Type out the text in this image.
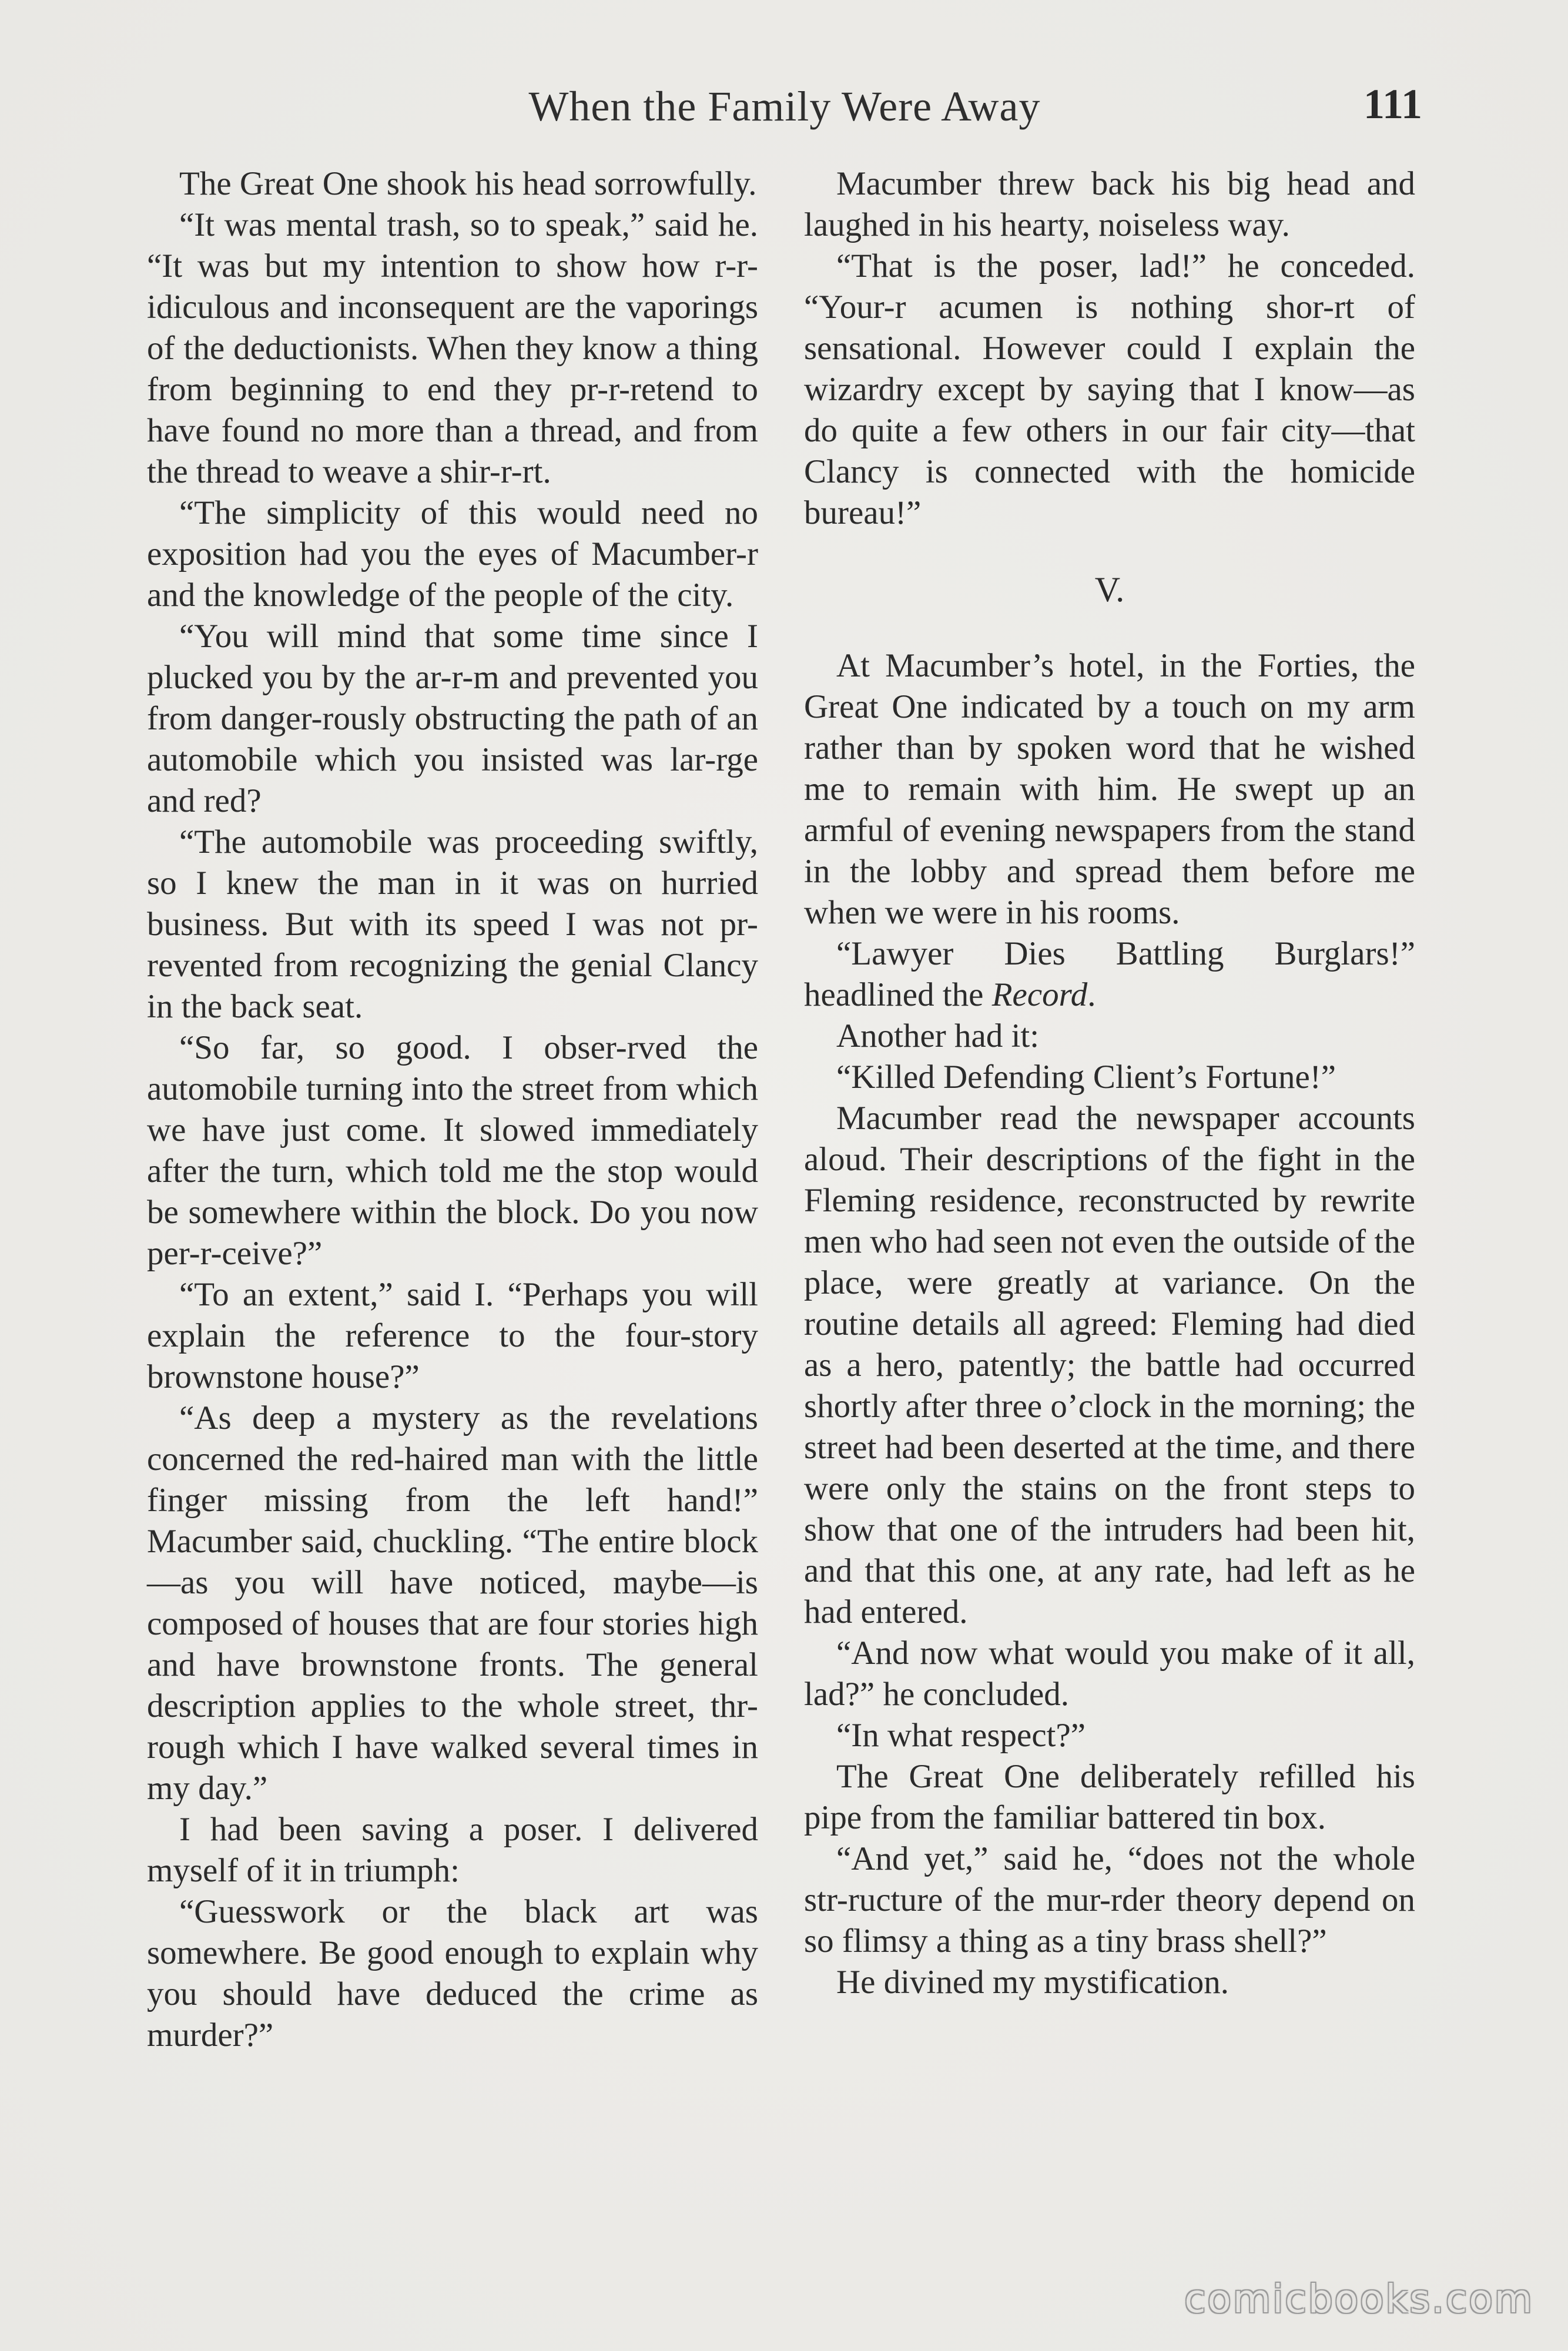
When the Family Were Away	111

The Great One shook his head sorrowfully.

“It was mental trash, so to speak,” said he. “It was but my intention to show how r-r-idiculous and inconsequent are the vaporings of the deductionists. When they know a thing from beginning to end they pr-r-retend to have found no more than a thread, and from the thread to weave a shir-r-rt.

“The simplicity of this would need no exposition had you the eyes of Macumber-r and the knowledge of the people of the city.

“You will mind that some time since I plucked you by the ar-r-m and prevented you from danger-rously obstructing the path of an automobile which you insisted was lar-rge and red?

“The automobile was proceeding swiftly, so I knew the man in it was on hurried business. But with its speed I was not pr-revented from recognizing the genial Clancy in the back seat.

“So far, so good. I obser-rved the automobile turning into the street from which we have just come. It slowed immediately after the turn, which told me the stop would be somewhere within the block. Do you now per-r-ceive?”

“To an extent,” said I. “Perhaps you will explain the reference to the four-story brownstone house?”

“As deep a mystery as the revelations concerned the red-haired man with the little finger missing from the left hand!” Macumber said, chuckling. “The entire block—as you will have noticed, maybe—is composed of houses that are four stories high and have brownstone fronts. The general description applies to the whole street, thr-rough which I have walked several times in my day.”

I had been saving a poser. I delivered myself of it in triumph:

“Guesswork or the black art was somewhere. Be good enough to explain why you should have deduced the crime as murder?”

Macumber threw back his big head and laughed in his hearty, noiseless way.

“That is the poser, lad!” he conceded. “Your-r acumen is nothing shor-rt of sensational. However could I explain the wizardry except by saying that I know—as do quite a few others in our fair city—that Clancy is connected with the homicide bureau!”

V.

At Macumber’s hotel, in the Forties, the Great One indicated by a touch on my arm rather than by spoken word that he wished me to remain with him. He swept up an armful of evening newspapers from the stand in the lobby and spread them before me when we were in his rooms.

“Lawyer Dies Battling Burglars!” headlined the Record.

Another had it:

“Killed Defending Client’s Fortune!”

Macumber read the newspaper accounts aloud. Their descriptions of the fight in the Fleming residence, reconstructed by rewrite men who had seen not even the outside of the place, were greatly at variance. On the routine details all agreed: Fleming had died as a hero, patently; the battle had occurred shortly after three o’clock in the morning; the street had been deserted at the time, and there were only the stains on the front steps to show that one of the intruders had been hit, and that this one, at any rate, had left as he had entered.

“And now what would you make of it all, lad?” he concluded.

“In what respect?”

The Great One deliberately refilled his pipe from the familiar battered tin box.

“And yet,” said he, “does not the whole str-ructure of the mur-rder theory depend on so flimsy a thing as a tiny brass shell?”

He divined my mystification.

comicbooks.com
